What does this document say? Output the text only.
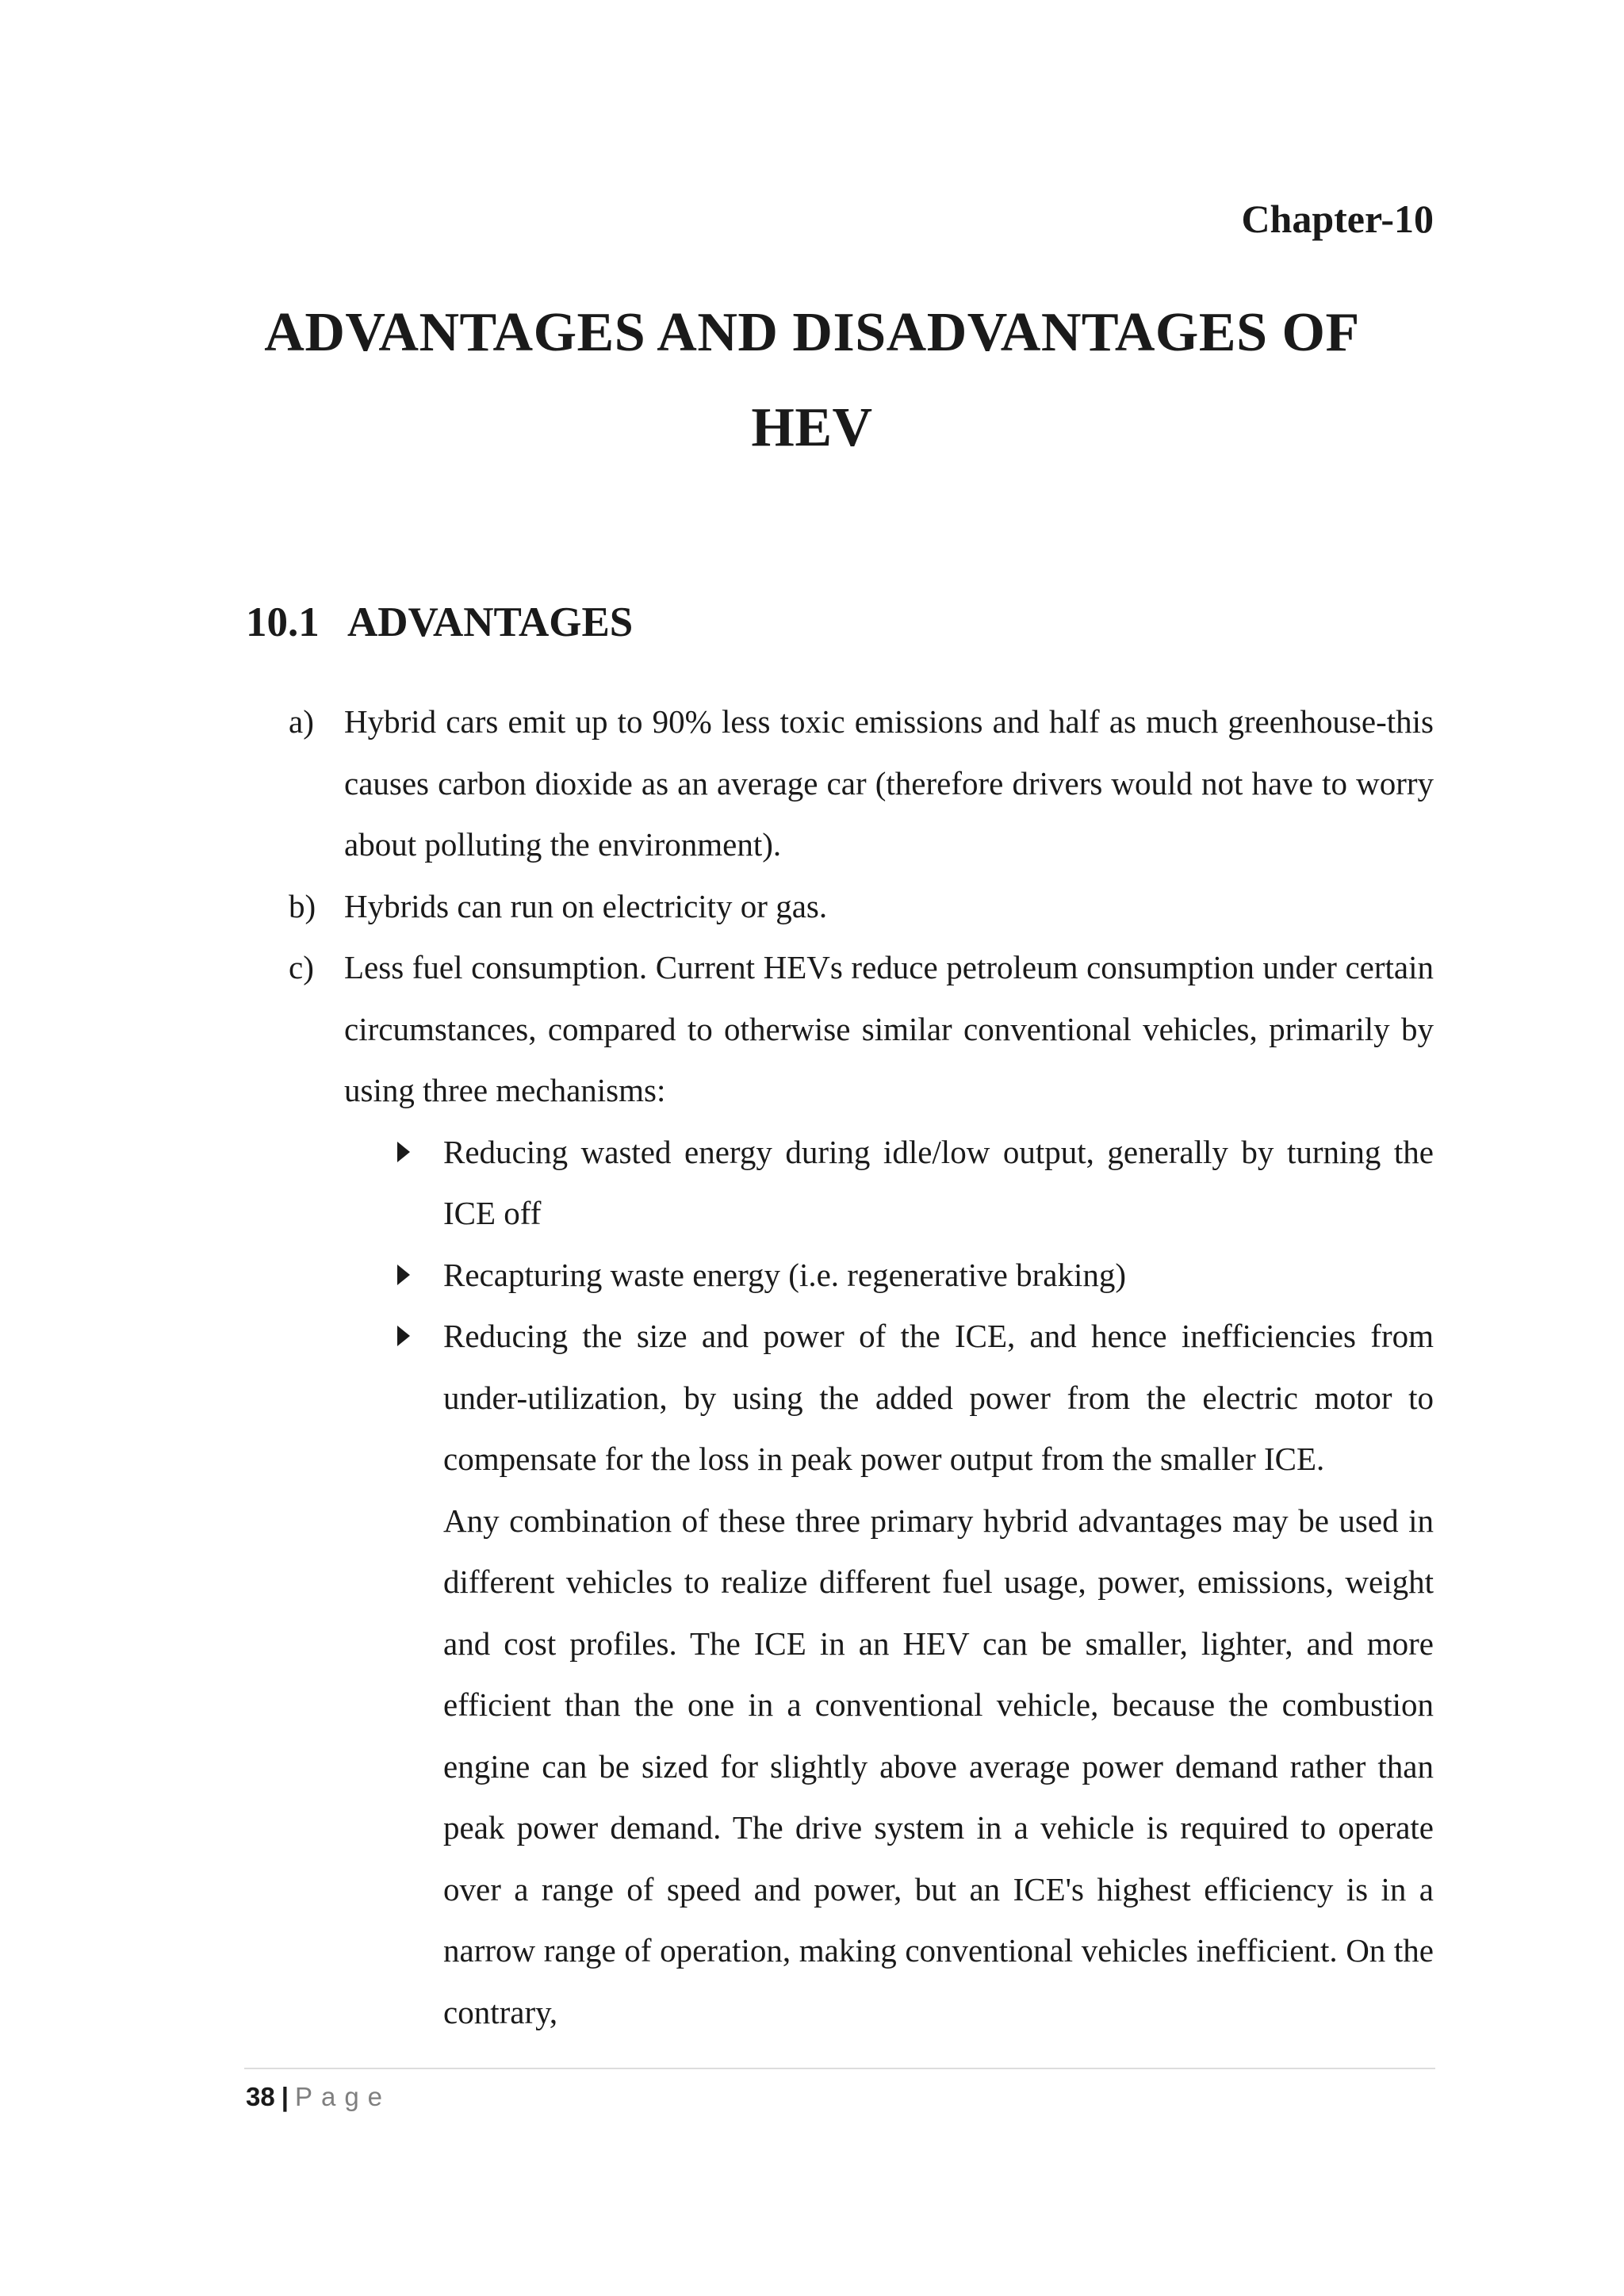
Chapter-10
ADVANTAGES AND DISADVANTAGES OF
HEV
10.1 ADVANTAGES
a) Hybrid cars emit up to 90% less toxic emissions and half as much greenhouse-this causes carbon dioxide as an average car (therefore drivers would not have to worry about polluting the environment).
b) Hybrids can run on electricity or gas.
c) Less fuel consumption. Current HEVs reduce petroleum consumption under certain circumstances, compared to otherwise similar conventional vehicles, primarily by using three mechanisms:
Reducing wasted energy during idle/low output, generally by turning the ICE off
Recapturing waste energy (i.e. regenerative braking)
Reducing the size and power of the ICE, and hence inefficiencies from under-utilization, by using the added power from the electric motor to compensate for the loss in peak power output from the smaller ICE.
Any combination of these three primary hybrid advantages may be used in different vehicles to realize different fuel usage, power, emissions, weight and cost profiles. The ICE in an HEV can be smaller, lighter, and more efficient than the one in a conventional vehicle, because the combustion engine can be sized for slightly above average power demand rather than peak power demand. The drive system in a vehicle is required to operate over a range of speed and power, but an ICE's highest efficiency is in a narrow range of operation, making conventional vehicles inefficient. On the contrary,
38 | Page
